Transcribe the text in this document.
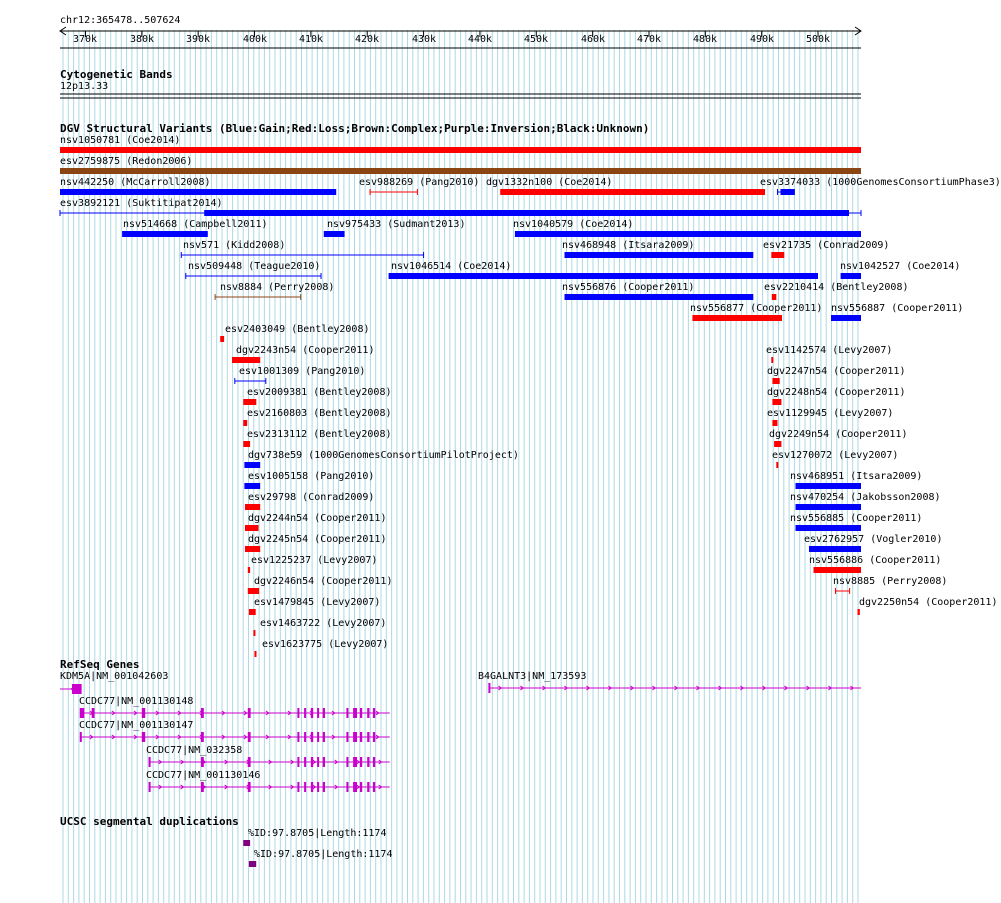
chr12:365478..507624
Cytogenetic Bands
12p13.33
DGV Structural Variants (Blue:Gain;Red:Loss;Brown:Complex;Purple:Inversion;Black:Unknown)
RefSeq Genes
UCSC segmental duplications
370k	380k	390k	400k	410k	420k	430k	440k	450k	460k	470k	480k	490k	500k
nsv1050781 (Coe2014)
esv2759875 (Redon2006)
nsv442250 (McCarroll2008)	esv988269 (Pang2010) dgv1332n100 (Coe2014)	esv3374033 (1000GenomesConsortiumPhase3)
esv3892121 (Suktitipat2014)
nsv514668 (Campbell2011)	nsv975433 (Sudmant2013)	nsv1040579 (Coe2014)
nsv571 (Kidd2008)	nsv468948 (Itsara2009)	esv21735 (Conrad2009)
nsv509448 (Teague2010)	nsv1046514 (Coe2014)	nsv1042527 (Coe2014)
nsv8884 (Perry2008)	nsv556876 (Cooper2011)	esv2210414 (Bentley2008)
nsv556877 (Cooper2011) nsv556887 (Cooper2011)
esv2403049 (Bentley2008)
dgv2243n54 (Cooper2011)	esv1142574 (Levy2007)
esv1001309 (Pang2010)	dgv2247n54 (Cooper2011)
esv2009381 (Bentley2008)	dgv2248n54 (Cooper2011)
esv2160803 (Bentley2008)	esv1129945 (Levy2007)
esv2313112 (Bentley2008)	dgv2249n54 (Cooper2011)
dgv738e59 (1000GenomesConsortiumPilotProject)	esv1270072 (Levy2007)
esv1005158 (Pang2010)	nsv468951 (Itsara2009)
esv29798 (Conrad2009)	nsv470254 (Jakobsson2008)
dgv2244n54 (Cooper2011)	nsv556885 (Cooper2011)
dgv2245n54 (Cooper2011)	esv2762957 (Vogler2010)
esv1225237 (Levy2007)	nsv556886 (Cooper2011)
dgv2246n54 (Cooper2011)	nsv8885 (Perry2008)
esv1479845 (Levy2007)	dgv2250n54 (Cooper2011)
esv1463722 (Levy2007)
esv1623775 (Levy2007)
KDM5A|NM_001042603	B4GALNT3|NM_173593
CCDC77|NM_001130148
CCDC77|NM_001130147
CCDC77|NM_032358
CCDC77|NM_001130146
%ID:97.8705|Length:1174
%ID:97.8705|Length:1174
